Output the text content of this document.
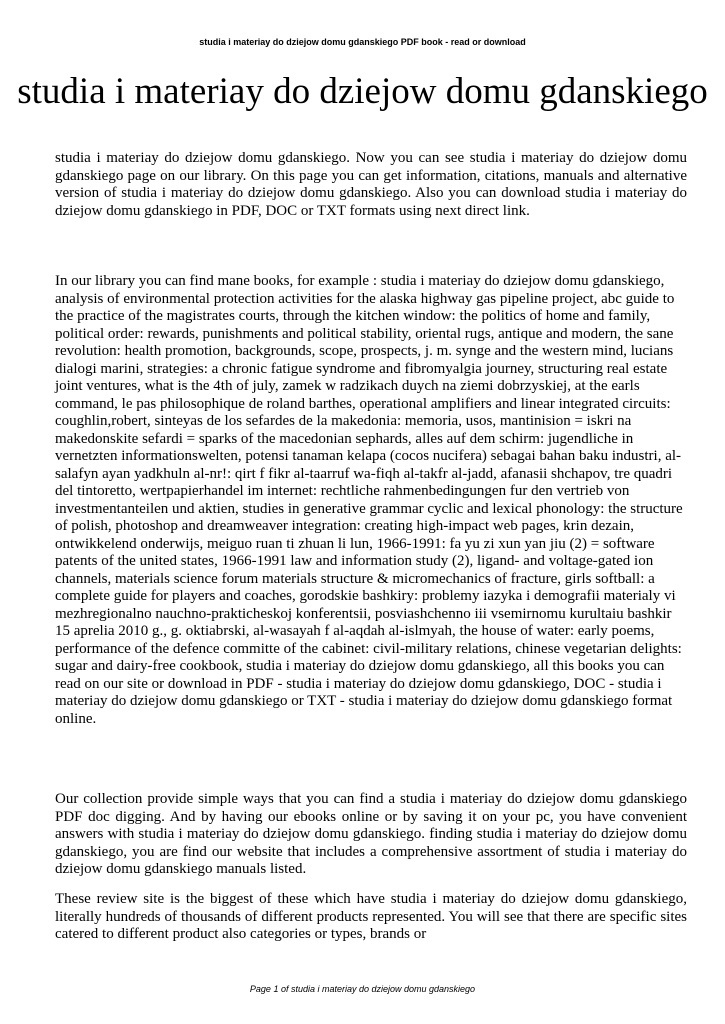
studia i materiay do dziejow domu gdanskiego PDF book - read or download
studia i materiay do dziejow domu gdanskiego

studia i materiay do dziejow domu gdanskiego. Now you can see studia i materiay do dziejow domu gdanskiego page on our library. On this page you can get information, citations, manuals and alternative version of studia i materiay do dziejow domu gdanskiego. Also you can download studia i materiay do dziejow domu gdanskiego in PDF, DOC or TXT formats using next direct link.

In our library you can find mane books, for example : studia i materiay do dziejow domu gdanskiego, analysis of environmental protection activities for the alaska highway gas pipeline project, abc guide to the practice of the magistrates courts, through the kitchen window: the politics of home and family, political order: rewards, punishments and political stability, oriental rugs, antique and modern, the sane revolution: health promotion, backgrounds, scope, prospects, j. m. synge and the western mind, lucians dialogi marini, strategies: a chronic fatigue syndrome and fibromyalgia journey, structuring real estate joint ventures, what is the 4th of july, zamek w radzikach duych na ziemi dobrzyskiej, at the earls command, le pas philosophique de roland barthes, operational amplifiers and linear integrated circuits: coughlin,robert, sinteyas de los sefardes de la makedonia: memoria, usos, mantinision = iskri na makedonskite sefardi = sparks of the macedonian sephards, alles auf dem schirm: jugendliche in vernetzten informationswelten, potensi tanaman kelapa (cocos nucifera) sebagai bahan baku industri, al-salafyn ayan yadkhuln al-nr!: qirt f fikr al-taarruf wa-fiqh al-takfr al-jadd, afanasii shchapov, tre quadri del tintoretto, wertpapierhandel im internet: rechtliche rahmenbedingungen fur den vertrieb von investmentanteilen und aktien, studies in generative grammar cyclic and lexical phonology: the structure of polish, photoshop and dreamweaver integration: creating high-impact web pages, krin dezain, ontwikkelend onderwijs, meiguo ruan ti zhuan li lun, 1966-1991: fa yu zi xun yan jiu (2) = software patents of the united states, 1966-1991 law and information study (2), ligand- and voltage-gated ion channels, materials science forum materials structure & micromechanics of fracture, girls softball: a complete guide for players and coaches, gorodskie bashkiry: problemy iazyka i demografii materialy vi mezhregionalno nauchno-prakticheskoj konferentsii, posviashchenno iii vsemirnomu kurultaiu bashkir 15 aprelia 2010 g., g. oktiabrski, al-wasayah f al-aqdah al-islmyah, the house of water: early poems, performance of the defence committe of the cabinet: civil-military relations, chinese vegetarian delights: sugar and dairy-free cookbook, studia i materiay do dziejow domu gdanskiego, all this books you can read on our site or download in PDF - studia i materiay do dziejow domu gdanskiego, DOC - studia i materiay do dziejow domu gdanskiego or TXT - studia i materiay do dziejow domu gdanskiego format online.

Our collection provide simple ways that you can find a studia i materiay do dziejow domu gdanskiego PDF doc digging. And by having our ebooks online or by saving it on your pc, you have convenient answers with studia i materiay do dziejow domu gdanskiego. finding studia i materiay do dziejow domu gdanskiego, you are find our website that includes a comprehensive assortment of studia i materiay do dziejow domu gdanskiego manuals listed.

These review site is the biggest of these which have studia i materiay do dziejow domu gdanskiego, literally hundreds of thousands of different products represented. You will see that there are specific sites catered to different product also categories or types, brands or

Page 1 of studia i materiay do dziejow domu gdanskiego
